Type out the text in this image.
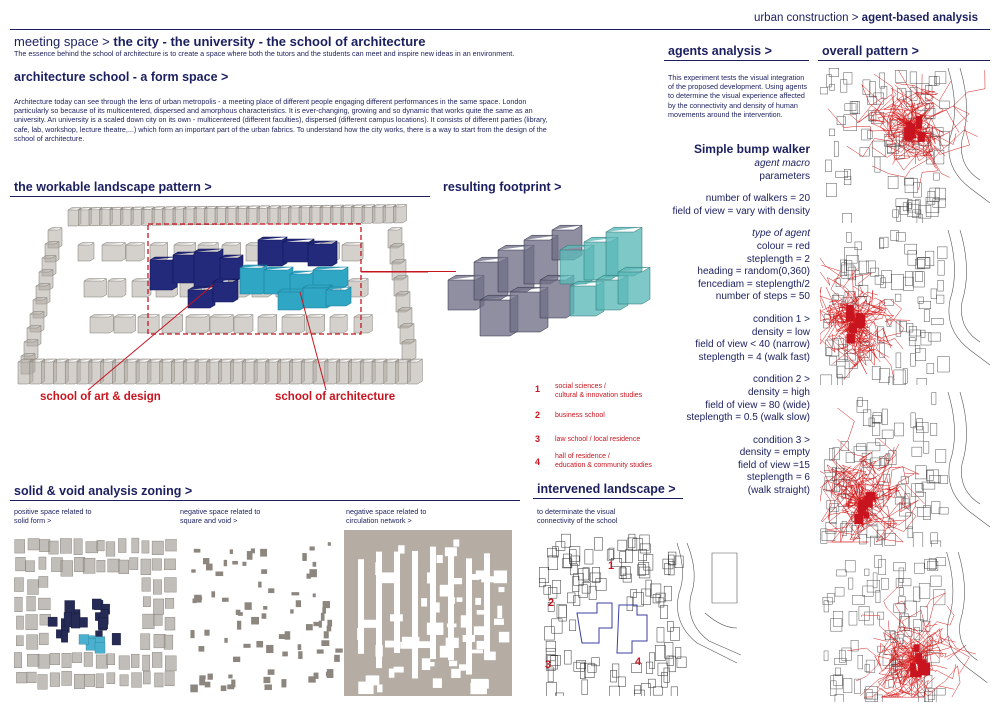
urban construction > agent-based analysis
meeting space > the city - the university - the school of architecture
The essence behind the school of architecture is to create a space where both the tutors and the students can meet and inspire new ideas in an environment.
architecture school - a form space >
Architecture today can see through the lens of urban metropolis - a meeting place of different people engaging different performances in the same space. London particularly so because of its multicentered, dispersed and amorphous characteristics. It is ever-changing, growing and so dynamic that works quite the same as an university. An university is a scaled down city on its own - multicentered (different faculties), dispersed (different campus locations). It consists of different parties (library, cafe, lab, workshop, lecture theatre,...) which form an important part of the urban fabrics. To understand how the city works, there is a way to start from the design of the school of architecture.
the workable landscape pattern >
school of art & design	school of architecture
resulting footprint >
1 social sciences /
cultural & innovation studies
2 business school
3 law school / local residence
4
hall of residence /
education & community studies
agents analysis >
This experiment tests the visual integration of the proposed development. Using agents to determine the visual experience affected by the connectivity and density of human movements around the intervention.
Simple bump walker
agent macro
parameters
number of walkers = 20
field of view = vary with density
type of agent
colour = red
steplength = 2
heading = random(0,360)
fencediam = steplength/2
number of steps = 50
condition 1 >
density = low
field of view < 40 (narrow)
steplength = 4 (walk fast)
condition 2 >
density = high
field of view = 80 (wide)
steplength = 0.5 (walk slow)
condition 3 >
density = empty
field of view =15
steplength = 6
(walk straight)
overall pattern >
solid & void analysis zoning >
positive space related to
solid form >
negative space related to
square and void >
negative space related to
circulation network >
intervened landscape >
to determinate the visual
connectivity of the school
1
2
3	4
